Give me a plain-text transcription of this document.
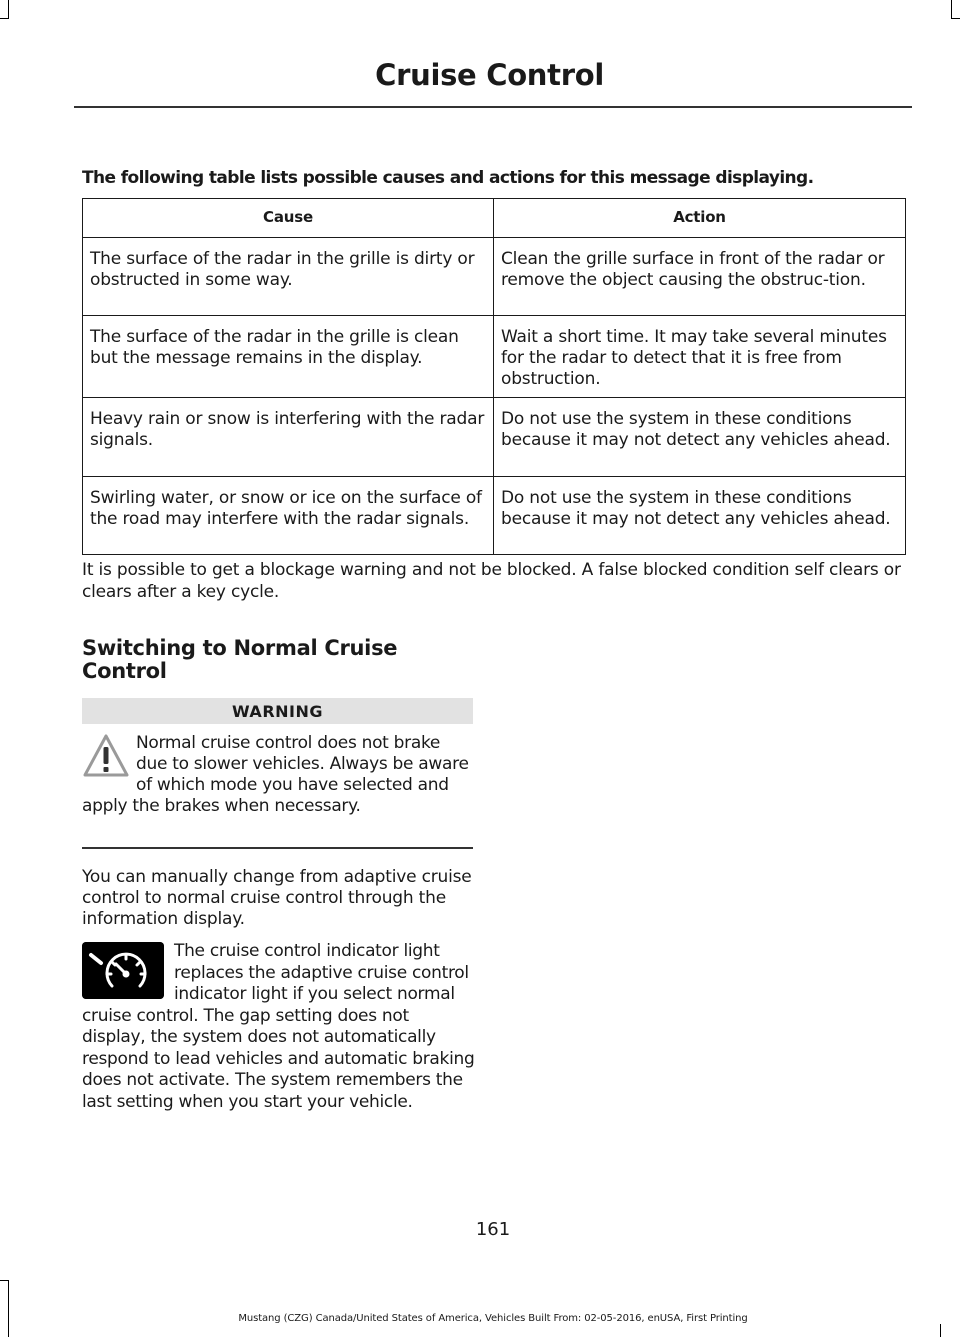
Cruise Control
The following table lists possible causes and actions for this message displaying.
Cause	Action
The surface of the radar in the grille is dirty or obstructed in some way.	Clean the grille surface in front of the radar or remove the object causing the obstruc-tion.
The surface of the radar in the grille is clean but the message remains in the display.	Wait a short time. It may take several minutes for the radar to detect that it is free from obstruction.
Heavy rain or snow is interfering with the radar signals.	Do not use the system in these conditions because it may not detect any vehicles ahead.
Swirling water, or snow or ice on the surface of the road may interfere with the radar signals.	Do not use the system in these conditions because it may not detect any vehicles ahead.
It is possible to get a blockage warning and not be blocked. A false blocked condition self clears or clears after a key cycle.
Switching to Normal Cruise Control
WARNING
Normal cruise control does not brake due to slower vehicles. Always be aware of which mode you have selected and apply the brakes when necessary.
You can manually change from adaptive cruise control to normal cruise control through the information display.
The cruise control indicator light replaces the adaptive cruise control indicator light if you select normal cruise control. The gap setting does not display, the system does not automatically respond to lead vehicles and automatic braking does not activate. The system remembers the last setting when you start your vehicle.
161
Mustang (CZG) Canada/United States of America, Vehicles Built From: 02-05-2016, enUSA, First Printing
